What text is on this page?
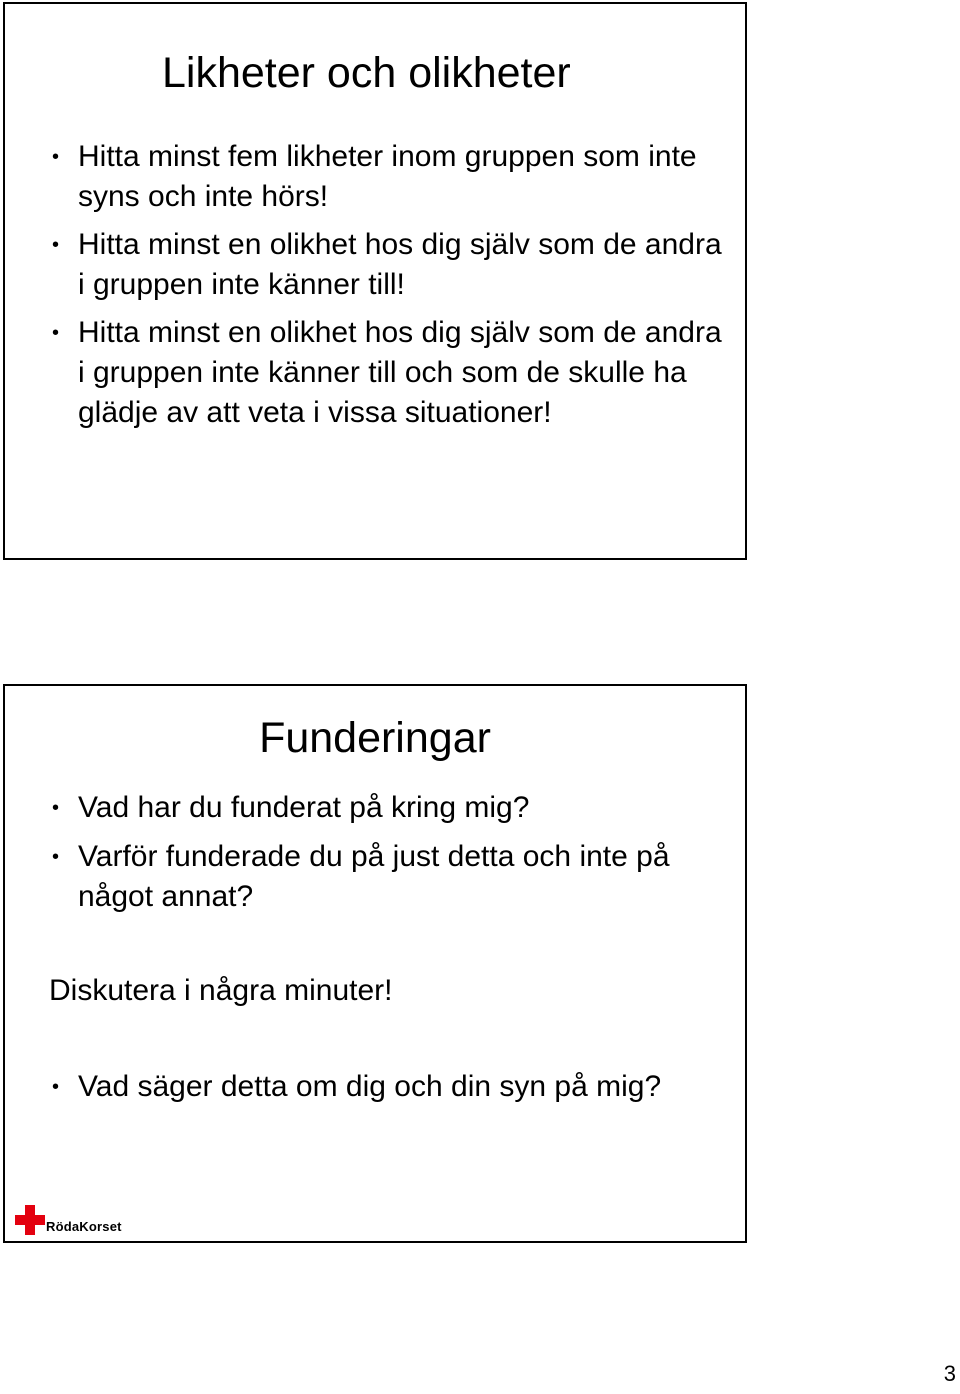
Likheter och olikheter
• Hitta minst fem likheter inom gruppen som inte syns och inte hörs!
• Hitta minst en olikhet hos dig själv som de andra i gruppen inte känner till!
• Hitta minst en olikhet hos dig själv som de andra i gruppen inte känner till och som de skulle ha glädje av att veta i vissa situationer!
Funderingar
• Vad har du funderat på kring mig?
• Varför funderade du på just detta och inte på något annat?

Diskutera i några minuter!

• Vad säger detta om dig och din syn på mig?
RödaKorset
3
